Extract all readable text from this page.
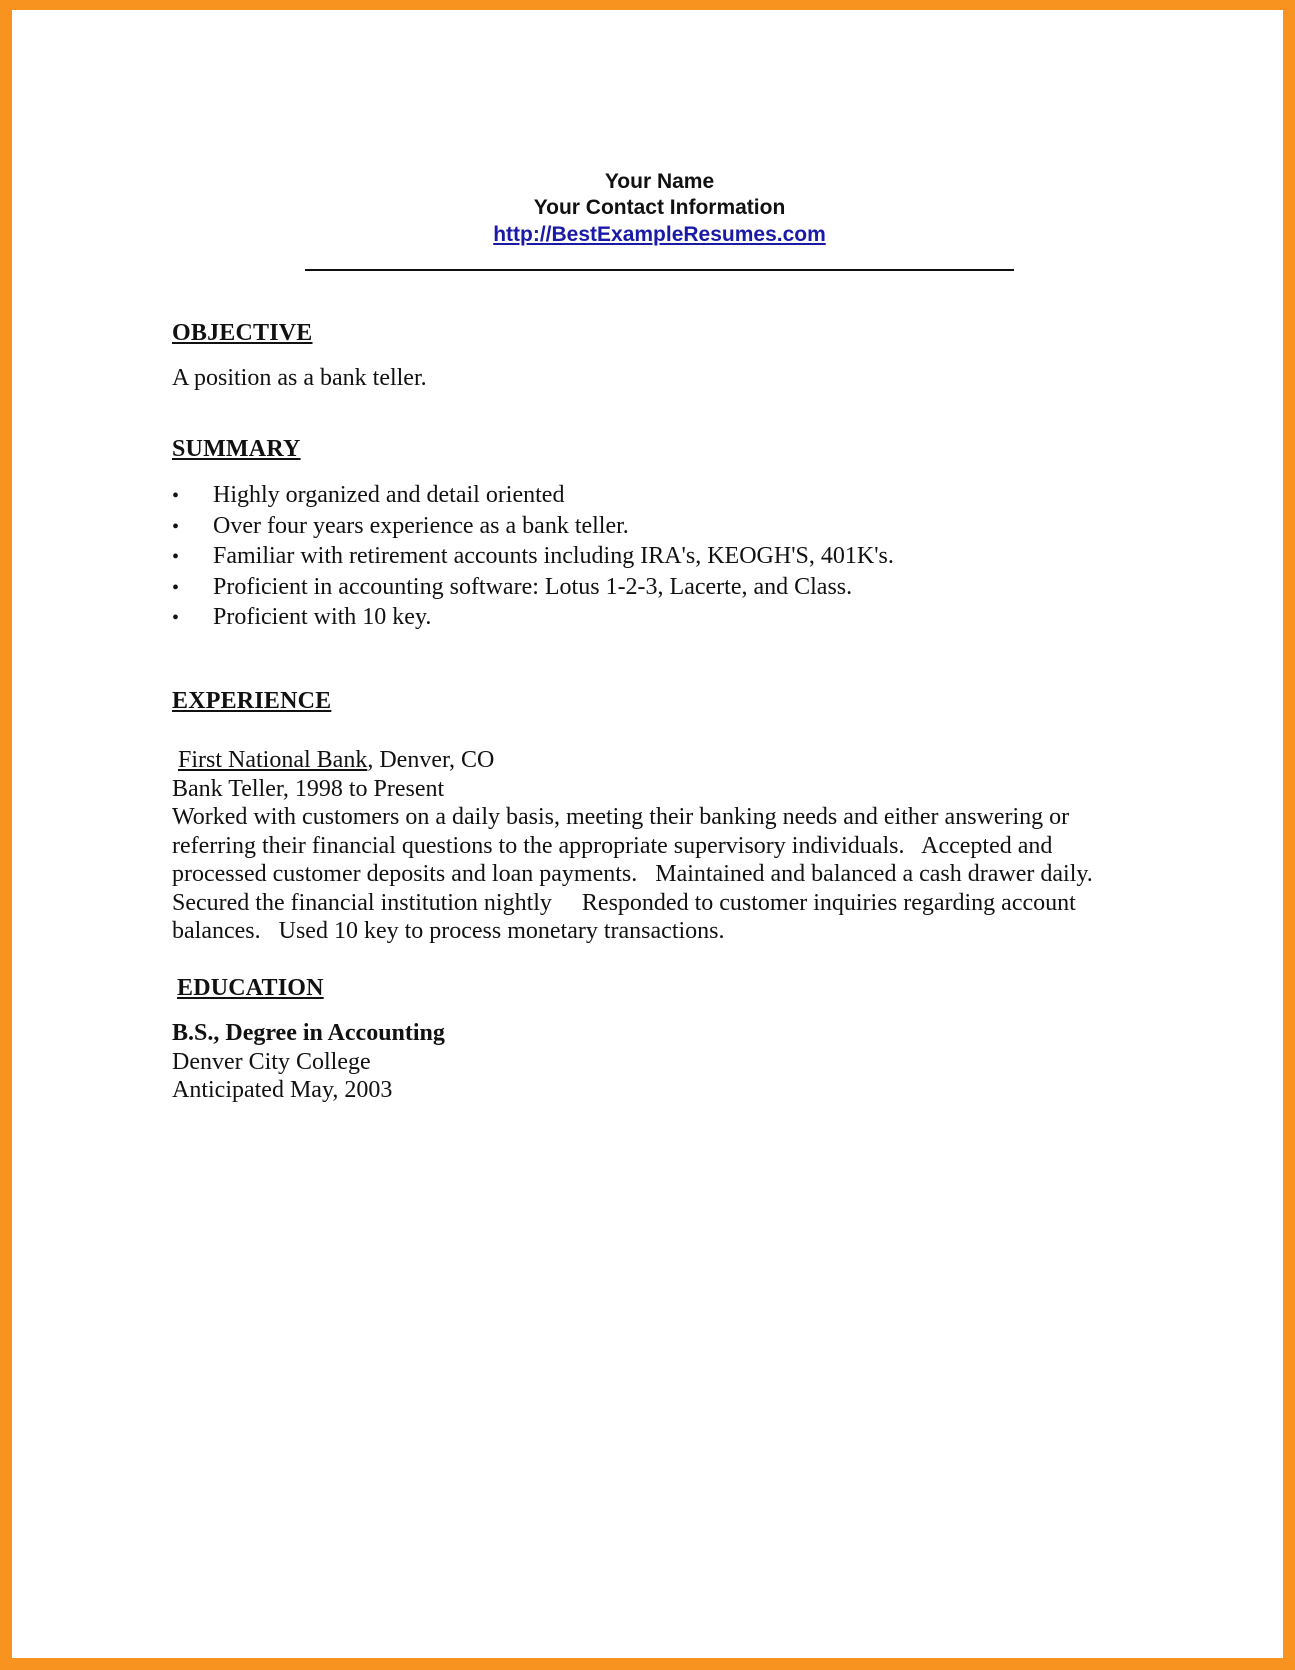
Your Name
Your Contact Information
http://BestExampleResumes.com
OBJECTIVE
A position as a bank teller.
SUMMARY
• Highly organized and detail oriented
• Over four years experience as a bank teller.
• Familiar with retirement accounts including IRA's, KEOGH'S, 401K's.
• Proficient in accounting software: Lotus 1-2-3, Lacerte, and Class.
• Proficient with 10 key.
EXPERIENCE
First National Bank, Denver, CO
Bank Teller, 1998 to Present
Worked with customers on a daily basis, meeting their banking needs and either answering or
referring their financial questions to the appropriate supervisory individuals.   Accepted and
processed customer deposits and loan payments.   Maintained and balanced a cash drawer daily.
Secured the financial institution nightly     Responded to customer inquiries regarding account
balances.   Used 10 key to process monetary transactions.
EDUCATION
B.S., Degree in Accounting
Denver City College
Anticipated May, 2003
